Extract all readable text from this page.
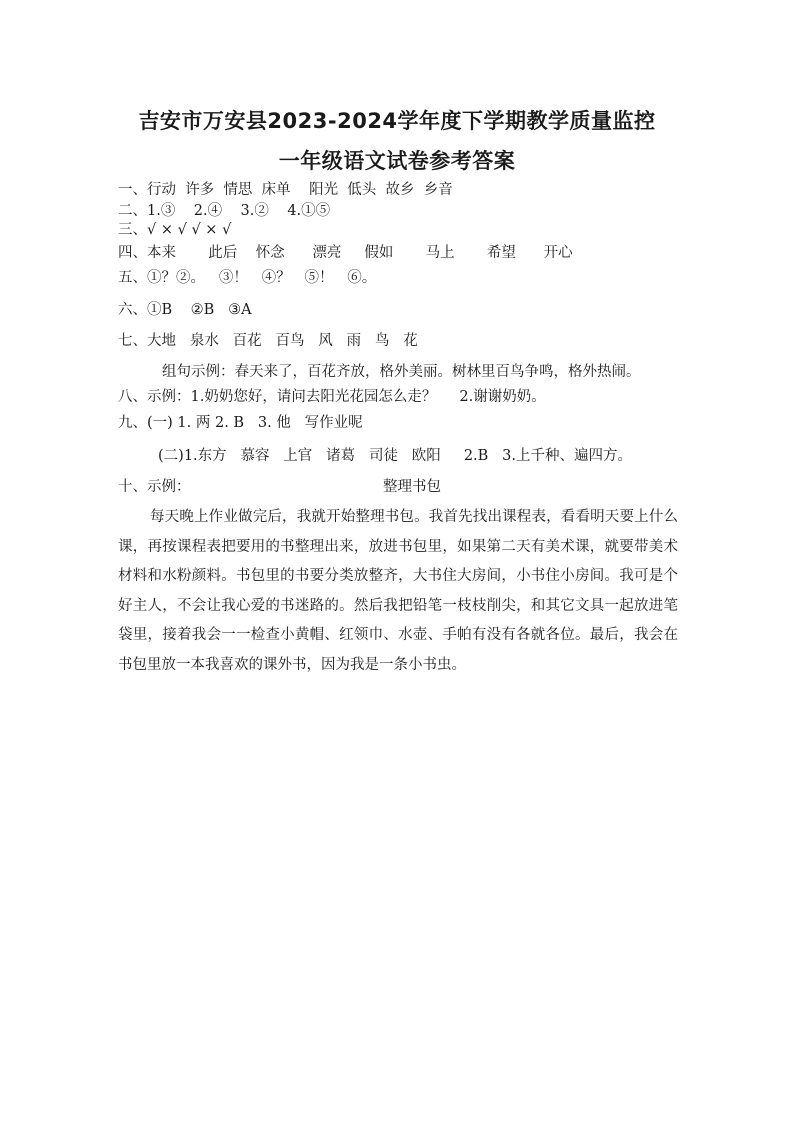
吉安市万安县2023-2024学年度下学期教学质量监控
一年级语文试卷参考答案
一、行动  许多  情思  床单    阳光  低头  故乡  乡音
二、1.③    2.④    3.②    4.①⑤
三、√ × √ √ × √
四、本来       此后    怀念      漂亮     假如       马上       希望      开心
五、①？②。   ③！   ④？   ⑤！   ⑥。
六、①B    ②B   ③A
七、大地   泉水   百花   百鸟   风   雨   鸟   花
组句示例：春天来了，百花齐放，格外美丽。树林里百鸟争鸣，格外热闹。
八、示例：1.奶奶您好，请问去阳光花园怎么走？     2.谢谢奶奶。
九、(一) 1. 两 2. B   3. 他   写作业呢
(二)1.东方   慕容   上官   诸葛   司徒   欧阳     2.B   3.上千种、遍四方。
十、示例：	整理书包
每天晚上作业做完后，我就开始整理书包。我首先找出课程表，看看明天要上什么课，再按课程表把要用的书整理出来，放进书包里，如果第二天有美术课，就要带美术材料和水粉颜料。书包里的书要分类放整齐，大书住大房间，小书住小房间。我可是个好主人，不会让我心爱的书迷路的。然后我把铅笔一枝枝削尖，和其它文具一起放进笔袋里，接着我会一一检查小黄帽、红领巾、水壶、手帕有没有各就各位。最后，我会在书包里放一本我喜欢的课外书，因为我是一条小书虫。
